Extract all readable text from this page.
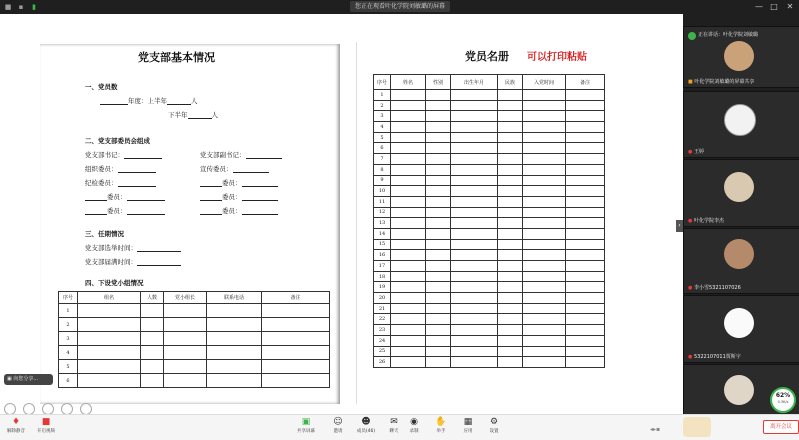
■ ▪ ▮	您正在观看叶化学院刘敏璐的屏幕	— □	✕
党支部基本情况
一、党员数
年度：上半年	人
下半年	人
二、党支部委员会组成
党支部书记：	党支部副书记：
组织委员：	宣传委员：
纪检委员：	委员：
委员：	委员：
委员：	委员：
三、任期情况
党支部选举时间：
党支部届满时间：
四、下设党小组情况
序号	组名	人数	党小组长	联系电话	备注
1					
2					
3					
4					
5					
6					
党员名册 可以打印粘贴
序号	姓名	性别	出生年月	民族	入党时间	备注
1						
2						
3						
4						
5						
6						
7						
8						
9						
10						
11						
12						
13						
14						
15						
16						
17						
18						
19						
20						
21						
22						
23						
24						
25						
26						
▣ 向您分享...

›
正在讲话：叶化学院刘敏璐
■ 叶化学院刘敏璐的屏幕共享
● 王婷
● 叶化学院李杰
● 李小雪5321107026
● 5322107011贾斯宇
62%
0.3K/s
♦
解除静音
■
开启视频
▣
共享屏幕
☺
邀请
☻
成员(46)
✉
聊天
◉
录制
✋
举手
▦
应用
⚙
设置	◂▸▪	离开会议
